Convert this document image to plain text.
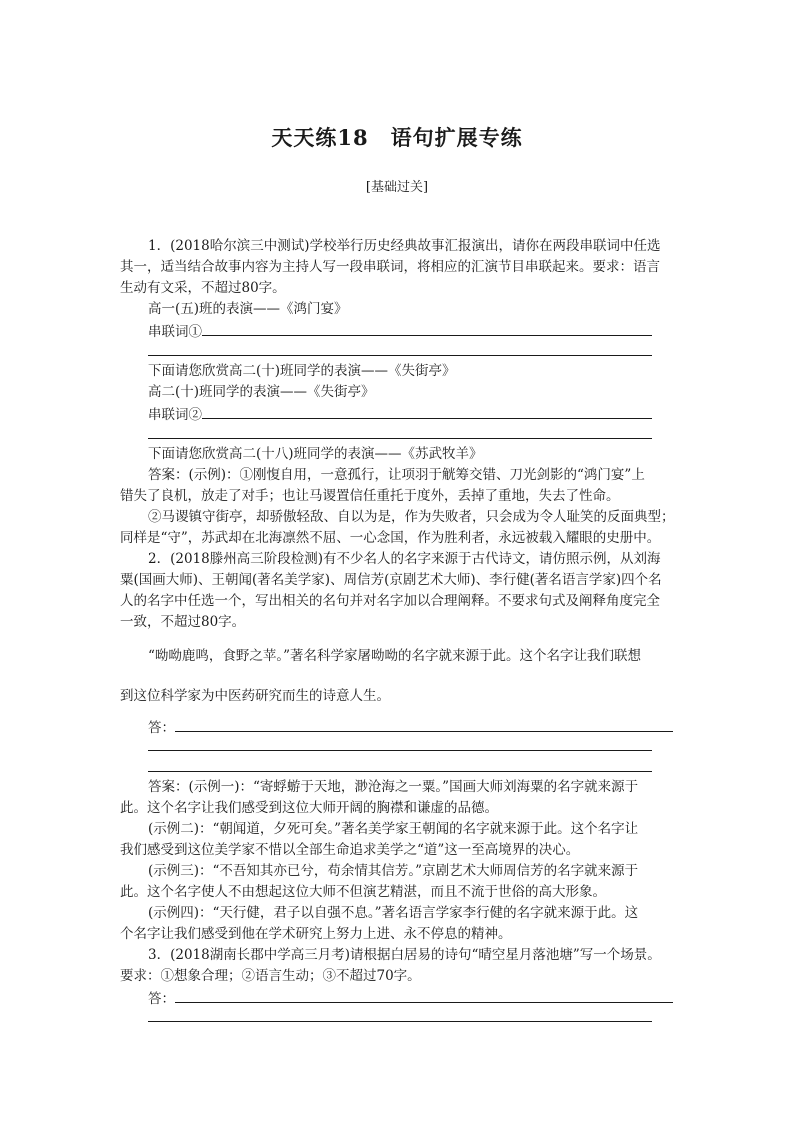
天天练18　语句扩展专练
[基础过关]
1．(2018哈尔滨三中测试)学校举行历史经典故事汇报演出，请你在两段串联词中任选
其一，适当结合故事内容为主持人写一段串联词，将相应的汇演节目串联起来。要求：语言
生动有文采，不超过80字。
高一(五)班的表演——《鸿门宴》
串联词①
下面请您欣赏高二(十)班同学的表演——《失街亭》
高二(十)班同学的表演——《失街亭》
串联词②
下面请您欣赏高二(十八)班同学的表演——《苏武牧羊》
答案：(示例)：①刚愎自用，一意孤行，让项羽于觥筹交错、刀光剑影的“鸿门宴”上
错失了良机，放走了对手；也让马谡置信任重托于度外，丢掉了重地，失去了性命。
②马谡镇守街亭，却骄傲轻敌、自以为是，作为失败者，只会成为令人耻笑的反面典型；
同样是“守”，苏武却在北海凛然不屈、一心念国，作为胜利者，永远被载入耀眼的史册中。
2．(2018滕州高三阶段检测)有不少名人的名字来源于古代诗文，请仿照示例，从刘海
粟(国画大师)、王朝闻(著名美学家)、周信芳(京剧艺术大师)、李行健(著名语言学家)四个名
人的名字中任选一个，写出相关的名句并对名字加以合理阐释。不要求句式及阐释角度完全
一致，不超过80字。
“呦呦鹿鸣，食野之苹。”著名科学家屠呦呦的名字就来源于此。这个名字让我们联想
到这位科学家为中医药研究而生的诗意人生。
答：
答案：(示例一)：“寄蜉蝣于天地，渺沧海之一粟。”国画大师刘海粟的名字就来源于
此。这个名字让我们感受到这位大师开阔的胸襟和谦虚的品德。
(示例二)：“朝闻道，夕死可矣。”著名美学家王朝闻的名字就来源于此。这个名字让
我们感受到这位美学家不惜以全部生命追求美学之“道”这一至高境界的决心。
(示例三)：“不吾知其亦已兮，苟余情其信芳。”京剧艺术大师周信芳的名字就来源于
此。这个名字使人不由想起这位大师不但演艺精湛，而且不流于世俗的高大形象。
(示例四)：“天行健，君子以自强不息。”著名语言学家李行健的名字就来源于此。这
个名字让我们感受到他在学术研究上努力上进、永不停息的精神。
3．(2018湖南长郡中学高三月考)请根据白居易的诗句“晴空星月落池塘”写一个场景。
要求：①想象合理；②语言生动；③不超过70字。
答：
